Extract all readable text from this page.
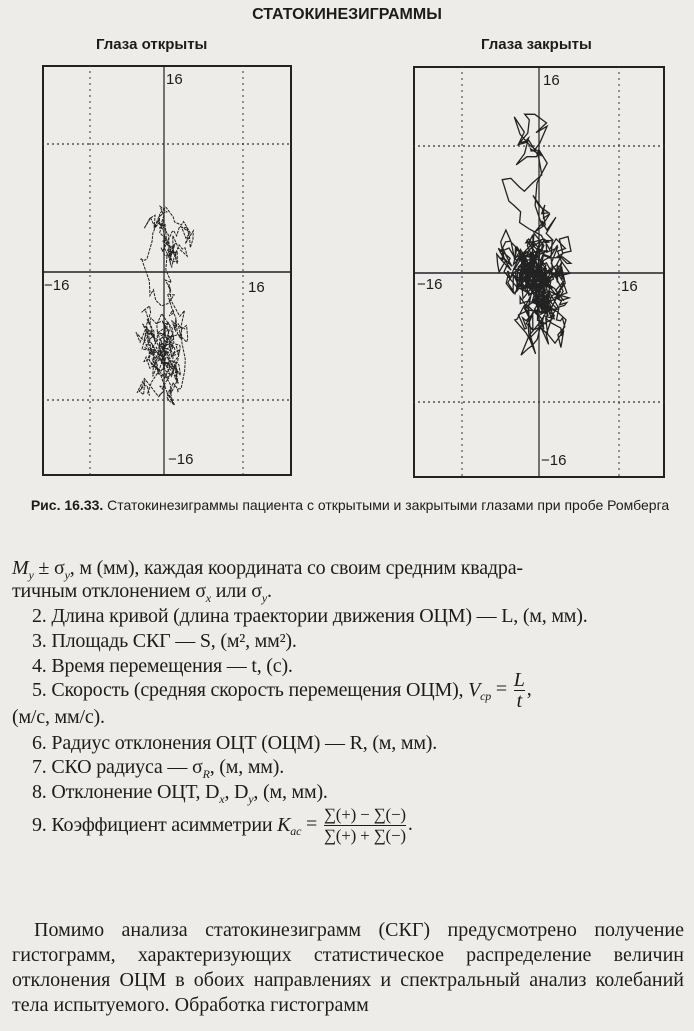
СТАТОКИНЕЗИГРАММЫ
Глаза открыты	Глаза закрыты
16
−16
−16	16
16
−16
−16	16
Рис. 16.33. Статокинезиграммы пациента с открытыми и закрытыми глазами при пробе Ромберга
$M_y \pm \sigma_y$, м (мм), каждая координата со своим средним квадра-
тичным отклонением $\sigma_x$ или $\sigma_y$.
2. Длина кривой (длина траектории движения ОЦМ) — L, (м, мм).
3. Площадь СКГ — S, (м², мм²).
4. Время перемещения — t, (с).
5. Скорость (средняя скорость перемещения ОЦМ), $V_{ср} = \frac{L}{t}$ ,
(м/с, мм/с).
6. Радиус отклонения ОЦТ (ОЦМ) — R, (м, мм).
7. СКО радиуса — $\sigma_R$, (м, мм).
8. Отклонение ОЦТ, $D_x$, $D_y$, (м, мм).
9. Коэффициент асимметрии $K_{ас} = \frac{\sum(+) - \sum(-)}{\sum(+) + \sum(-)}$ .
Помимо анализа статокинезиграмм (СКГ) предусмотрено получение гистограмм, характеризующих статистическое распределение величин отклонения ОЦМ в обоих направлениях и спектральный анализ колебаний тела испытуемого. Обработка гистограмм
